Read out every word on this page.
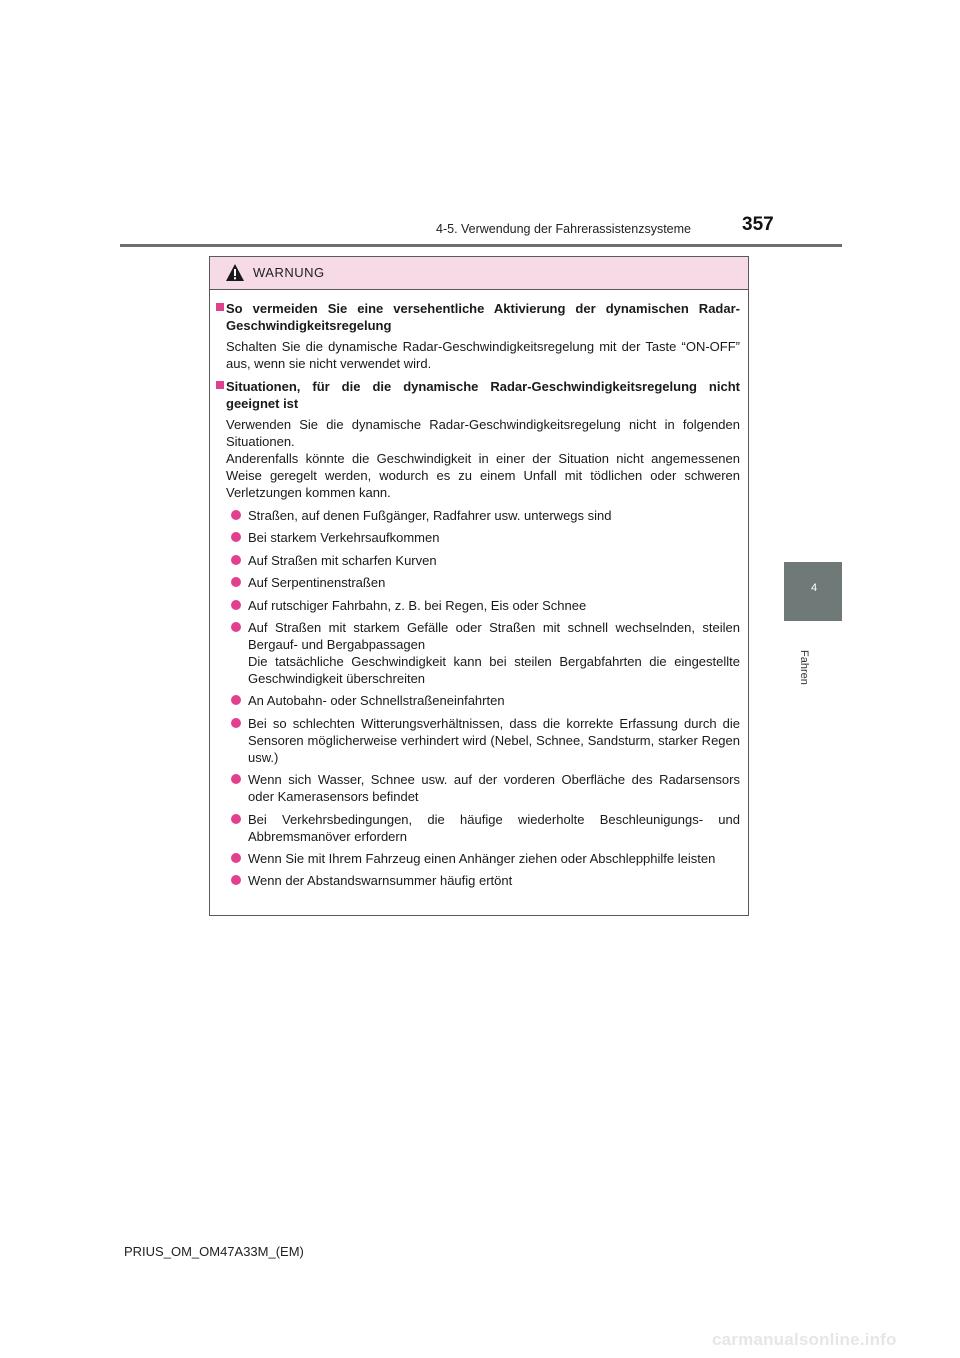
4-5. Verwendung der Fahrerassistenzsysteme	357
4
Fahren
WARNUNG
So vermeiden Sie eine versehentliche Aktivierung der dynamischen Radar-Geschwindigkeitsregelung
Schalten Sie die dynamische Radar-Geschwindigkeitsregelung mit der Taste “ON-OFF” aus, wenn sie nicht verwendet wird.
Situationen, für die die dynamische Radar-Geschwindigkeitsregelung nicht geeignet ist
Verwenden Sie die dynamische Radar-Geschwindigkeitsregelung nicht in folgenden Situationen.
Anderenfalls könnte die Geschwindigkeit in einer der Situation nicht angemessenen Weise geregelt werden, wodurch es zu einem Unfall mit tödlichen oder schweren Verletzungen kommen kann.
Straßen, auf denen Fußgänger, Radfahrer usw. unterwegs sind
Bei starkem Verkehrsaufkommen
Auf Straßen mit scharfen Kurven
Auf Serpentinenstraßen
Auf rutschiger Fahrbahn, z. B. bei Regen, Eis oder Schnee
Auf Straßen mit starkem Gefälle oder Straßen mit schnell wechselnden, steilen Bergauf- und Bergabpassagen
Die tatsächliche Geschwindigkeit kann bei steilen Bergabfahrten die eingestellte Geschwindigkeit überschreiten
An Autobahn- oder Schnellstraßeneinfahrten
Bei so schlechten Witterungsverhältnissen, dass die korrekte Erfassung durch die Sensoren möglicherweise verhindert wird (Nebel, Schnee, Sandsturm, starker Regen usw.)
Wenn sich Wasser, Schnee usw. auf der vorderen Oberfläche des Radarsensors oder Kamerasensors befindet
Bei Verkehrsbedingungen, die häufige wiederholte Beschleunigungs- und Abbremsmanöver erfordern
Wenn Sie mit Ihrem Fahrzeug einen Anhänger ziehen oder Abschlepphilfe leisten
Wenn der Abstandswarnsummer häufig ertönt
PRIUS_OM_OM47A33M_(EM)
carmanualsonline.info
